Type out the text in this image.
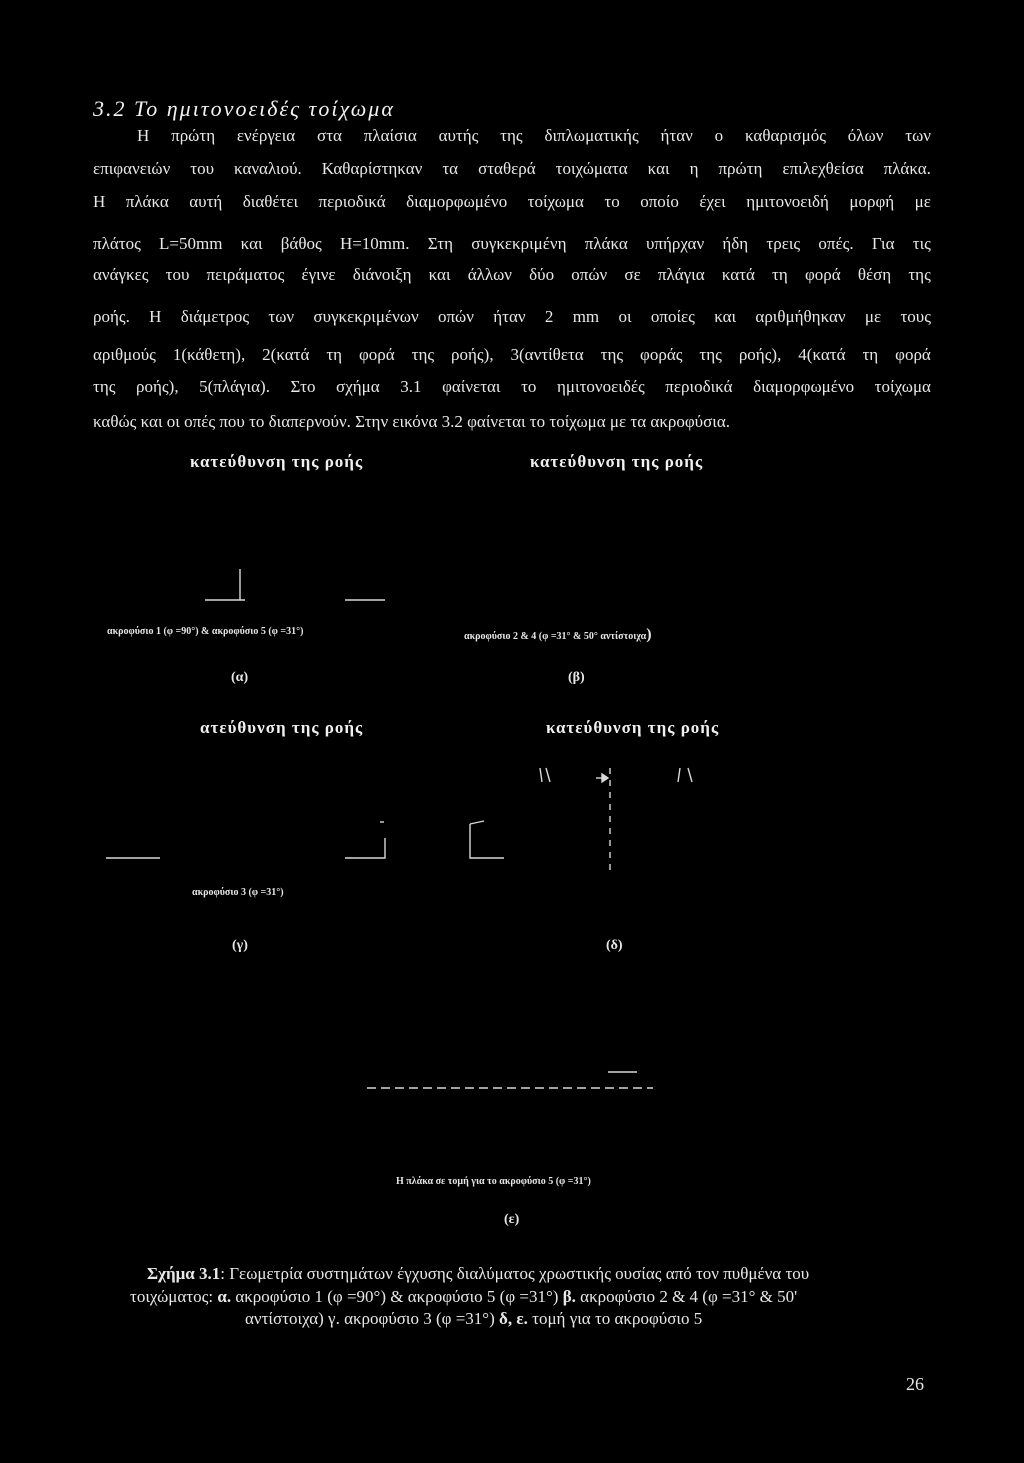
3.2 Το ημιτονοειδές τοίχωμα
Η πρώτη ενέργεια στα πλαίσια αυτής της διπλωματικής ήταν ο καθαρισμός όλων των
επιφανειών του καναλιού. Καθαρίστηκαν τα σταθερά τοιχώματα και η πρώτη επιλεχθείσα πλάκα.
Η πλάκα αυτή διαθέτει περιοδικά διαμορφωμένο τοίχωμα το οποίο έχει ημιτονοειδή μορφή με
πλάτος L=50mm και βάθος H=10mm. Στη συγκεκριμένη πλάκα υπήρχαν ήδη τρεις οπές. Για τις
ανάγκες του πειράματος έγινε διάνοιξη και άλλων δύο οπών σε πλάγια κατά τη φορά θέση της
ροής. Η διάμετρος των συγκεκριμένων οπών ήταν 2 mm οι οποίες και αριθμήθηκαν με τους
αριθμούς 1(κάθετη), 2(κατά τη φορά της ροής), 3(αντίθετα της φοράς της ροής), 4(κατά τη φορά
της ροής), 5(πλάγια). Στο σχήμα 3.1 φαίνεται το ημιτονοειδές περιοδικά διαμορφωμένο τοίχωμα
καθώς και οι οπές που το διαπερνούν. Στην εικόνα 3.2 φαίνεται το τοίχωμα με τα ακροφύσια.
κατεύθυνση της ροής	κατεύθυνση της ροής
ακροφύσιο 1 (φ =90°) & ακροφύσιο 5 (φ =31°)	ακροφύσιο 2 & 4 (φ =31° & 50° αντίστοιχα)
(α)	(β)
ατεύθυνση της ροής	κατεύθυνση της ροής
ακροφύσιο 3 (φ =31°)
(γ)	(δ)
Η πλάκα σε τομή για το ακροφύσιο 5 (φ =31°)
(ε)
Σχήμα 3.1: Γεωμετρία συστημάτων έγχυσης διαλύματος χρωστικής ουσίας από τον πυθμένα του
τοιχώματος: α. ακροφύσιο 1 (φ =90°) & ακροφύσιο 5 (φ =31°) β. ακροφύσιο 2 & 4 (φ =31° & 50'
αντίστοιχα) γ. ακροφύσιο 3 (φ =31°) δ, ε. τομή για το ακροφύσιο 5
26
